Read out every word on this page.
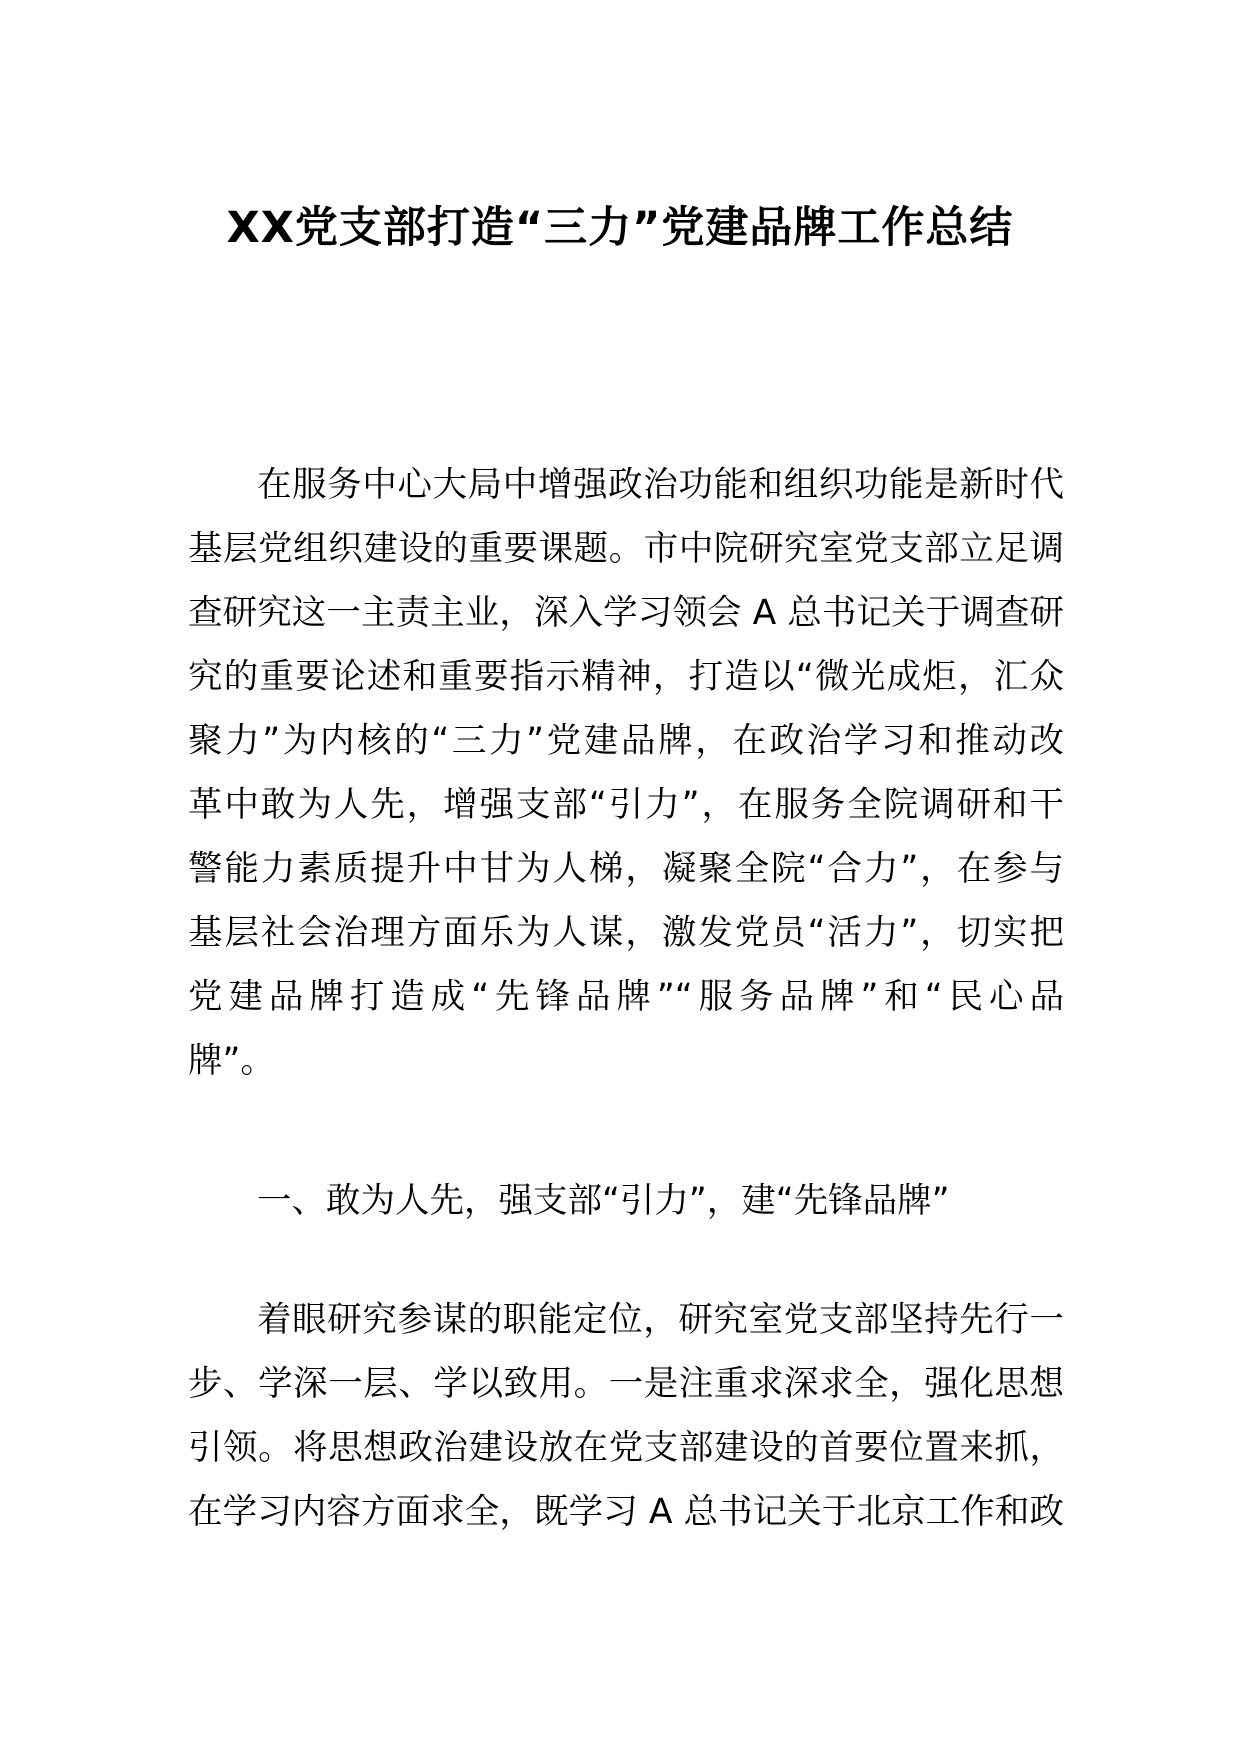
XX党支部打造“三力”党建品牌工作总结
在服务中心大局中增强政治功能和组织功能是新时代
基层党组织建设的重要课题。市中院研究室党支部立足调
查研究这一主责主业，深入学习领会 A 总书记关于调查研
究的重要论述和重要指示精神，打造以“微光成炬，汇众
聚力”为内核的“三力”党建品牌，在政治学习和推动改
革中敢为人先，增强支部“引力”，在服务全院调研和干
警能力素质提升中甘为人梯，凝聚全院“合力”，在参与
基层社会治理方面乐为人谋，激发党员“活力”，切实把
党建品牌打造成“先锋品牌”“服务品牌”和“民心品
牌”。
一、敢为人先，强支部“引力”，建“先锋品牌”
着眼研究参谋的职能定位，研究室党支部坚持先行一
步、学深一层、学以致用。一是注重求深求全，强化思想
引领。将思想政治建设放在党支部建设的首要位置来抓，
在学习内容方面求全，既学习 A 总书记关于北京工作和政
